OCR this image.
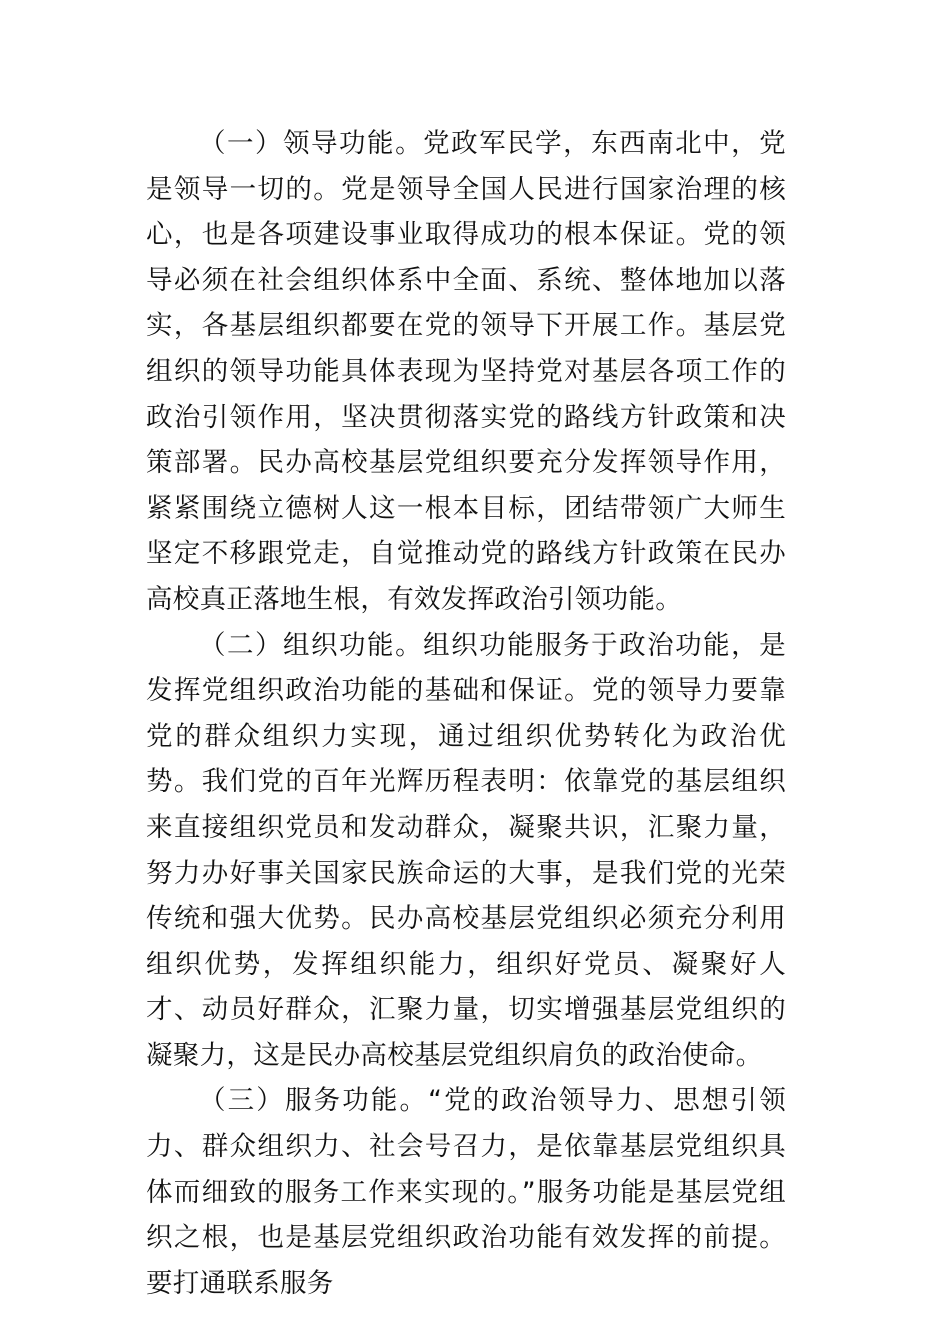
（一）领导功能。党政军民学，东西南北中，党是领导一切的。党是领导全国人民进行国家治理的核心，也是各项建设事业取得成功的根本保证。党的领导必须在社会组织体系中全面、系统、整体地加以落实，各基层组织都要在党的领导下开展工作。基层党组织的领导功能具体表现为坚持党对基层各项工作的政治引领作用，坚决贯彻落实党的路线方针政策和决策部署。民办高校基层党组织要充分发挥领导作用，紧紧围绕立德树人这一根本目标，团结带领广大师生坚定不移跟党走，自觉推动党的路线方针政策在民办高校真正落地生根，有效发挥政治引领功能。

（二）组织功能。组织功能服务于政治功能，是发挥党组织政治功能的基础和保证。党的领导力要靠党的群众组织力实现，通过组织优势转化为政治优势。我们党的百年光辉历程表明：依靠党的基层组织来直接组织党员和发动群众，凝聚共识，汇聚力量，努力办好事关国家民族命运的大事，是我们党的光荣传统和强大优势。民办高校基层党组织必须充分利用组织优势，发挥组织能力，组织好党员、凝聚好人才、动员好群众，汇聚力量，切实增强基层党组织的凝聚力，这是民办高校基层党组织肩负的政治使命。

（三）服务功能。“党的政治领导力、思想引领力、群众组织力、社会号召力，是依靠基层党组织具体而细致的服务工作来实现的。”服务功能是基层党组织之根，也是基层党组织政治功能有效发挥的前提。要打通联系服务
